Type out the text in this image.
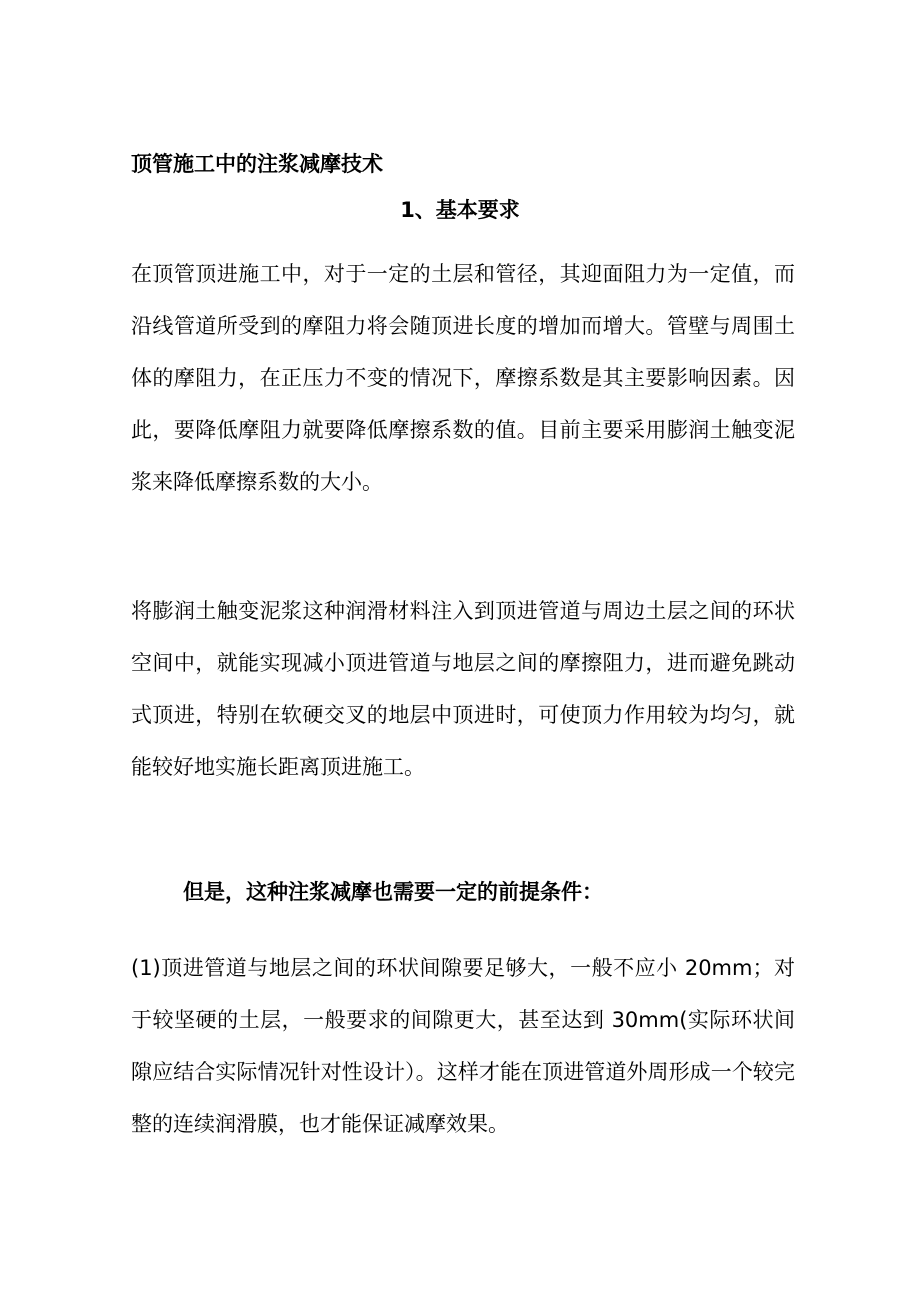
顶管施工中的注浆减摩技术
1、基本要求

在顶管顶进施工中，对于一定的土层和管径，其迎面阻力为一定值，而沿线管道所受到的摩阻力将会随顶进长度的增加而增大。管壁与周围土体的摩阻力，在正压力不变的情况下，摩擦系数是其主要影响因素。因此，要降低摩阻力就要降低摩擦系数的值。目前主要采用膨润土触变泥浆来降低摩擦系数的大小。

将膨润土触变泥浆这种润滑材料注入到顶进管道与周边土层之间的环状空间中，就能实现减小顶进管道与地层之间的摩擦阻力，进而避免跳动式顶进，特别在软硬交叉的地层中顶进时，可使顶力作用较为均匀，就能较好地实施长距离顶进施工。

但是，这种注浆减摩也需要一定的前提条件：

(1)顶进管道与地层之间的环状间隙要足够大，一般不应小 20mm；对于较坚硬的土层，一般要求的间隙更大，甚至达到 30mm(实际环状间隙应结合实际情况针对性设计）。这样才能在顶进管道外周形成一个较完整的连续润滑膜，也才能保证减摩效果。
